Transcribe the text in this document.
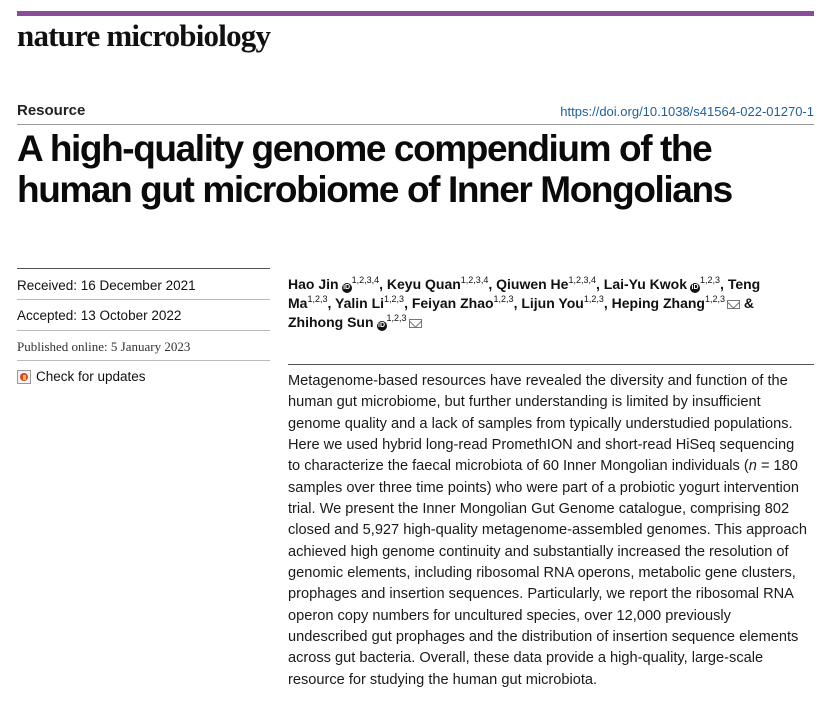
nature microbiology
Resource	https://doi.org/10.1038/s41564-022-01270-1
A high-quality genome compendium of the human gut microbiome of Inner Mongolians
Received: 16 December 2021
Accepted: 13 October 2022
Published online: 5 January 2023
Check for updates
Hao Jin iD$^{1,2,3,4}$, Keyu Quan$^{1,2,3,4}$, Qiuwen He$^{1,2,3,4}$, Lai-Yu Kwok iD$^{1,2,3}$, Teng Ma$^{1,2,3}$, Yalin Li$^{1,2,3}$, Feiyan Zhao$^{1,2,3}$, Lijun You$^{1,2,3}$, Heping Zhang$^{1,2,3}$ & Zhihong Sun iD$^{1,2,3}$
Metagenome-based resources have revealed the diversity and function of the human gut microbiome, but further understanding is limited by insufficient genome quality and a lack of samples from typically understudied populations. Here we used hybrid long-read PromethION and short-read HiSeq sequencing to characterize the faecal microbiota of 60 Inner Mongolian individuals (n = 180 samples over three time points) who were part of a probiotic yogurt intervention trial. We present the Inner Mongolian Gut Genome catalogue, comprising 802 closed and 5,927 high-quality metagenome-assembled genomes. This approach achieved high genome continuity and substantially increased the resolution of genomic elements, including ribosomal RNA operons, metabolic gene clusters, prophages and insertion sequences. Particularly, we report the ribosomal RNA operon copy numbers for uncultured species, over 12,000 previously undescribed gut prophages and the distribution of insertion sequence elements across gut bacteria. Overall, these data provide a high-quality, large-scale resource for studying the human gut microbiota.
